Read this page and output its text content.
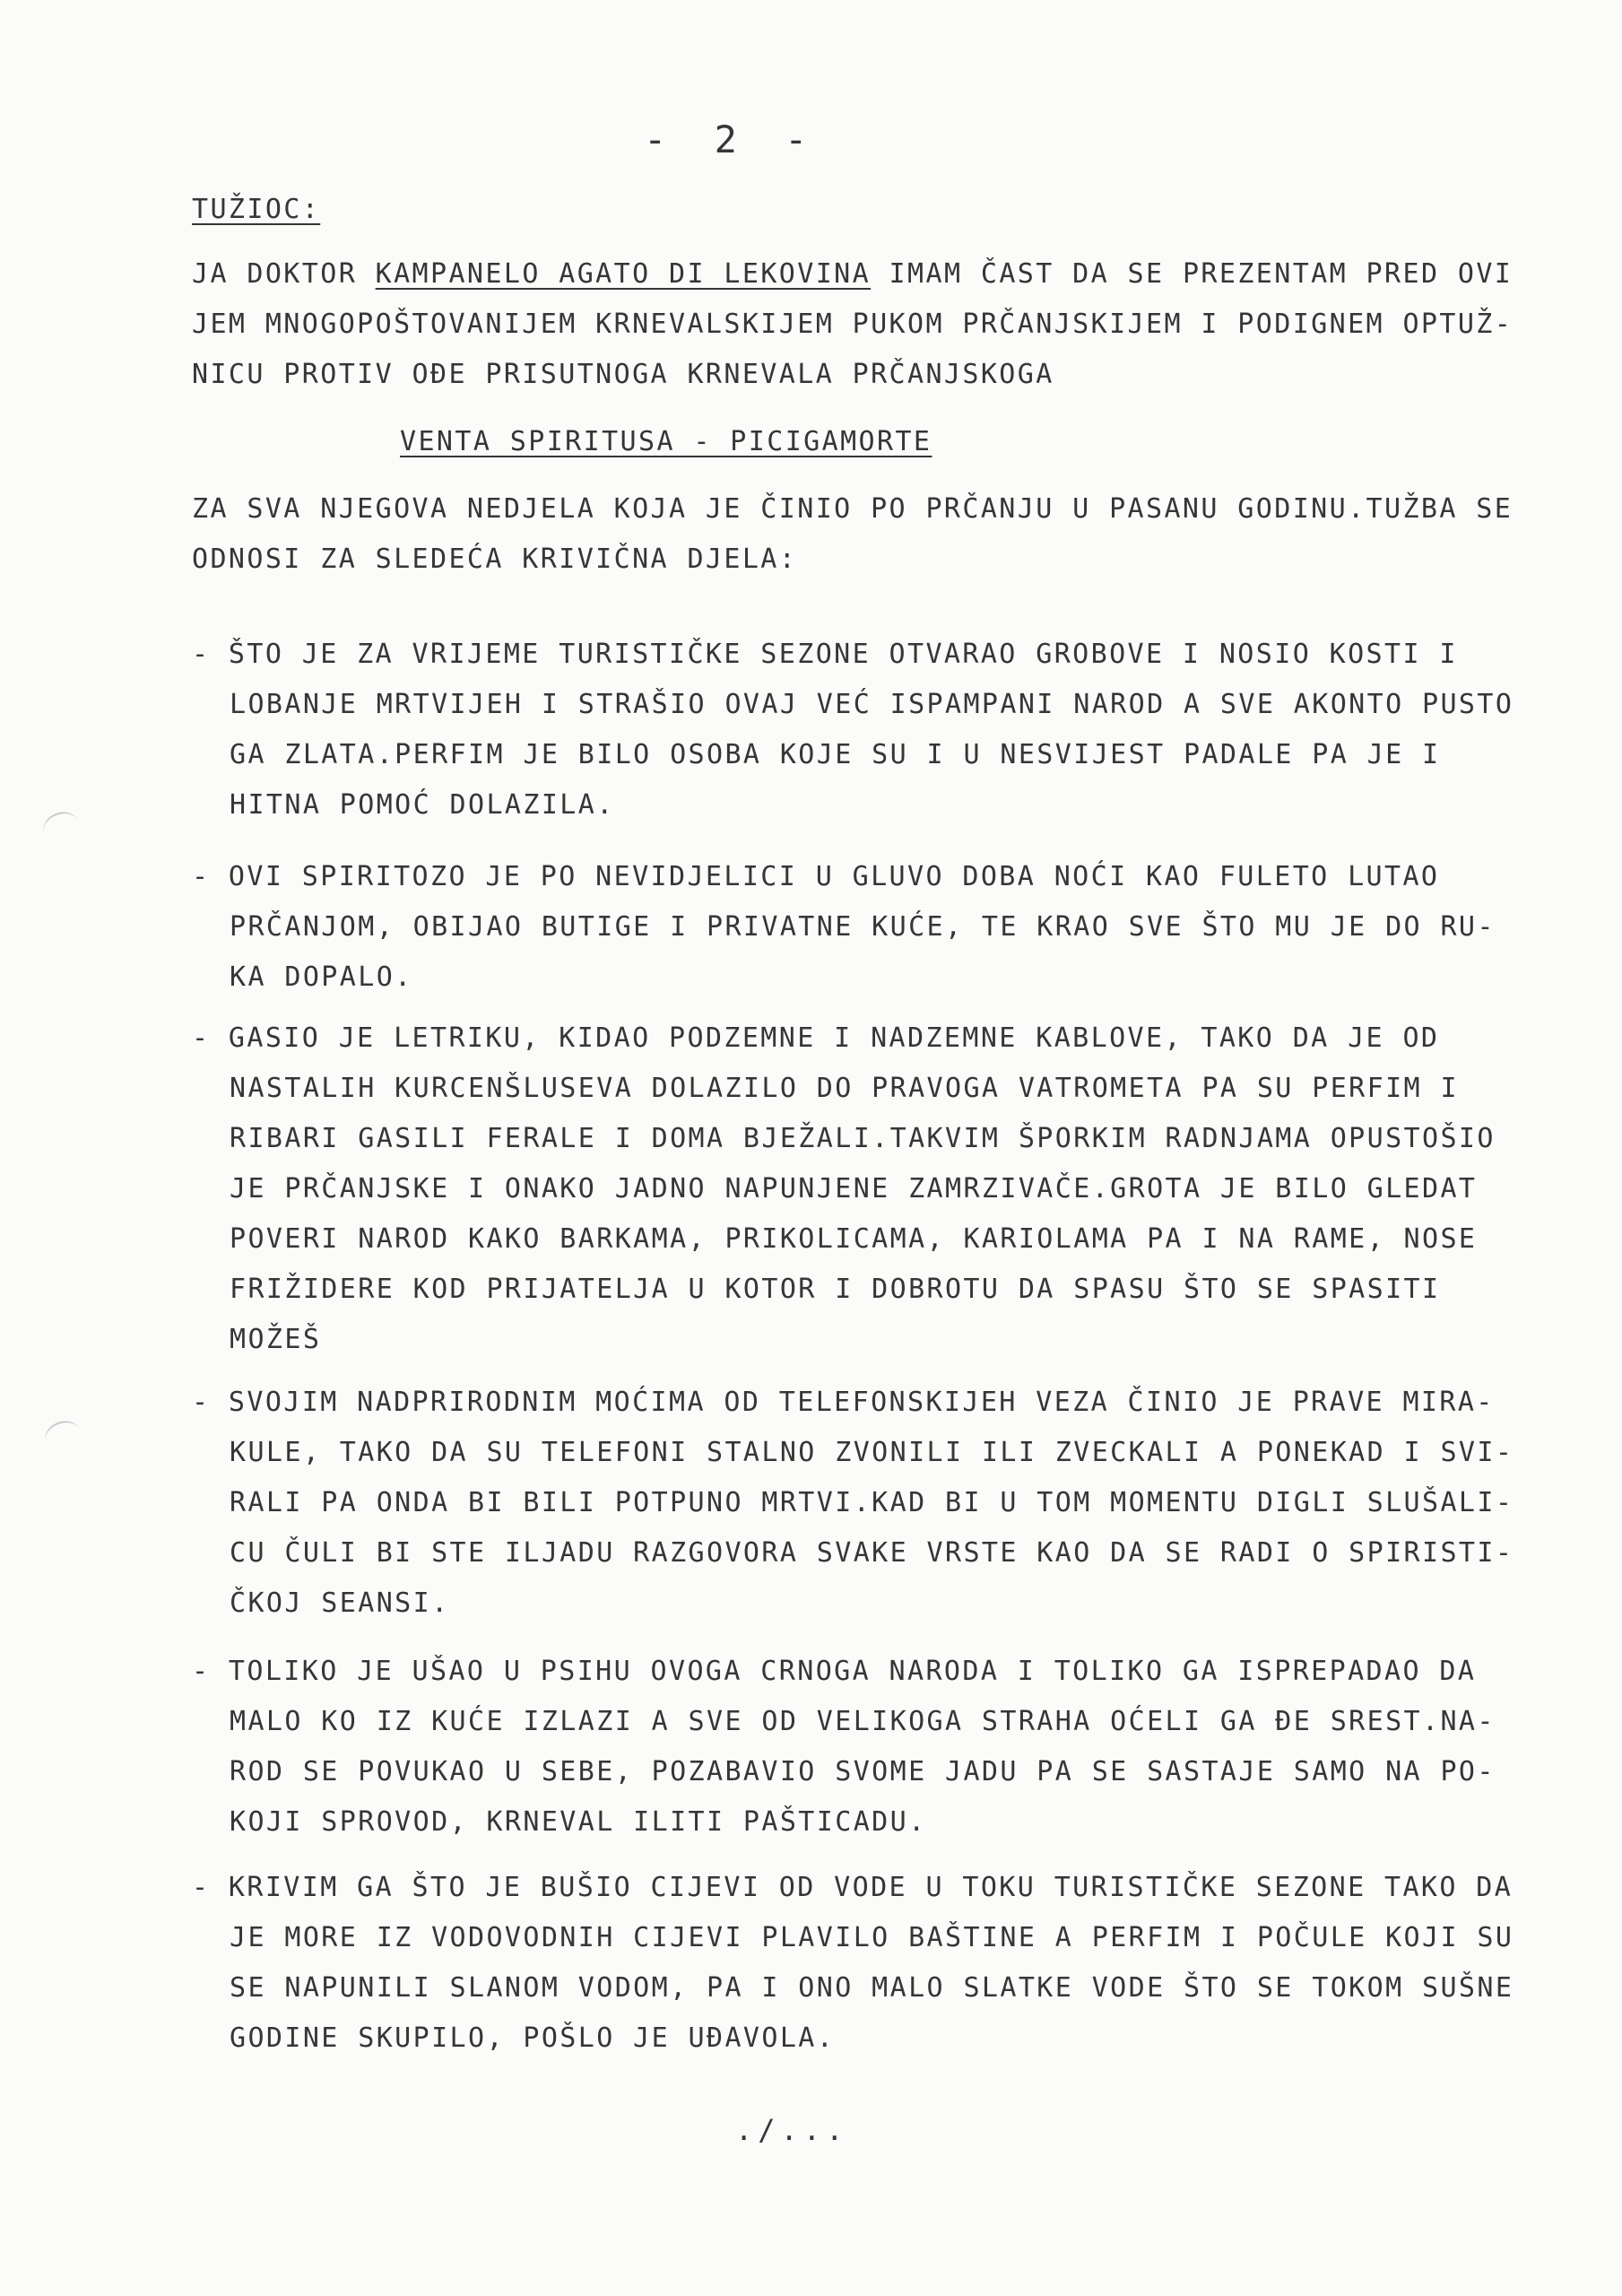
- 2 -
TUŽIOC:
JA DOKTOR KAMPANELO AGATO DI LEKOVINA IMAM ČAST DA SE PREZENTAM PRED OVI
JEM MNOGOPOŠTOVANIJEM KRNEVALSKIJEM PUKOM PRČANJSKIJEM I PODIGNEM OPTUŽ-
NICU PROTIV OĐE PRISUTNOGA KRNEVALA PRČANJSKOGA
VENTA SPIRITUSA - PICIGAMORTE
ZA SVA NJEGOVA NEDJELA KOJA JE ČINIO PO PRČANJU U PASANU GODINU.TUŽBA SE
ODNOSI ZA SLEDEĆA KRIVIČNA DJELA:
- ŠTO JE ZA VRIJEME TURISTIČKE SEZONE OTVARAO GROBOVE I NOSIO KOSTI I
LOBANJE MRTVIJEH I STRAŠIO OVAJ VEĆ ISPAMPANI NAROD A SVE AKONTO PUSTO
GA ZLATA.PERFIM JE BILO OSOBA KOJE SU I U NESVIJEST PADALE PA JE I
HITNA POMOĆ DOLAZILA.
- OVI SPIRITOZO JE PO NEVIDJELICI U GLUVO DOBA NOĆI KAO FULETO LUTAO
PRČANJOM, OBIJAO BUTIGE I PRIVATNE KUĆE, TE KRAO SVE ŠTO MU JE DO RU-
KA DOPALO.
- GASIO JE LETRIKU, KIDAO PODZEMNE I NADZEMNE KABLOVE, TAKO DA JE OD
NASTALIH KURCENŠLUSEVA DOLAZILO DO PRAVOGA VATROMETA PA SU PERFIM I
RIBARI GASILI FERALE I DOMA BJEŽALI.TAKVIM ŠPORKIM RADNJAMA OPUSTOŠIO
JE PRČANJSKE I ONAKO JADNO NAPUNJENE ZAMRZIVAČE.GROTA JE BILO GLEDAT
POVERI NAROD KAKO BARKAMA, PRIKOLICAMA, KARIOLAMA PA I NA RAME, NOSE
FRIŽIDERE KOD PRIJATELJA U KOTOR I DOBROTU DA SPASU ŠTO SE SPASITI
MOŽEŠ
- SVOJIM NADPRIRODNIM MOĆIMA OD TELEFONSKIJEH VEZA ČINIO JE PRAVE MIRA-
KULE, TAKO DA SU TELEFONI STALNO ZVONILI ILI ZVECKALI A PONEKAD I SVI-
RALI PA ONDA BI BILI POTPUNO MRTVI.KAD BI U TOM MOMENTU DIGLI SLUŠALI-
CU ČULI BI STE ILJADU RAZGOVORA SVAKE VRSTE KAO DA SE RADI O SPIRISTI-
ČKOJ SEANSI.
- TOLIKO JE UŠAO U PSIHU OVOGA CRNOGA NARODA I TOLIKO GA ISPREPADAO DA
MALO KO IZ KUĆE IZLAZI A SVE OD VELIKOGA STRAHA OĆELI GA ĐE SREST.NA-
ROD SE POVUKAO U SEBE, POZABAVIO SVOME JADU PA SE SASTAJE SAMO NA PO-
KOJI SPROVOD, KRNEVAL ILITI PAŠTICADU.
- KRIVIM GA ŠTO JE BUŠIO CIJEVI OD VODE U TOKU TURISTIČKE SEZONE TAKO DA
JE MORE IZ VODOVODNIH CIJEVI PLAVILO BAŠTINE A PERFIM I POČULE KOJI SU
SE NAPUNILI SLANOM VODOM, PA I ONO MALO SLATKE VODE ŠTO SE TOKOM SUŠNE
GODINE SKUPILO, POŠLO JE UĐAVOLA.
./...
